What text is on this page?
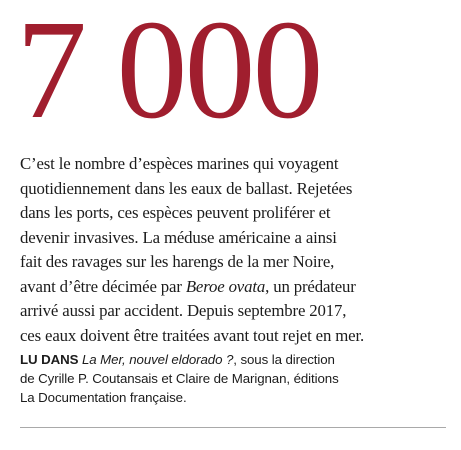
7 000

C’est le nombre d’espèces marines qui voyagent
quotidiennement dans les eaux de ballast. Rejetées
dans les ports, ces espèces peuvent proliférer et
devenir invasives. La méduse américaine a ainsi
fait des ravages sur les harengs de la mer Noire,
avant d’être décimée par Beroe ovata, un prédateur
arrivé aussi par accident. Depuis septembre 2017,
ces eaux doivent être traitées avant tout rejet en mer.

LU DANS La Mer, nouvel eldorado ?, sous la direction
de Cyrille P. Coutansais et Claire de Marignan, éditions
La Documentation française.
